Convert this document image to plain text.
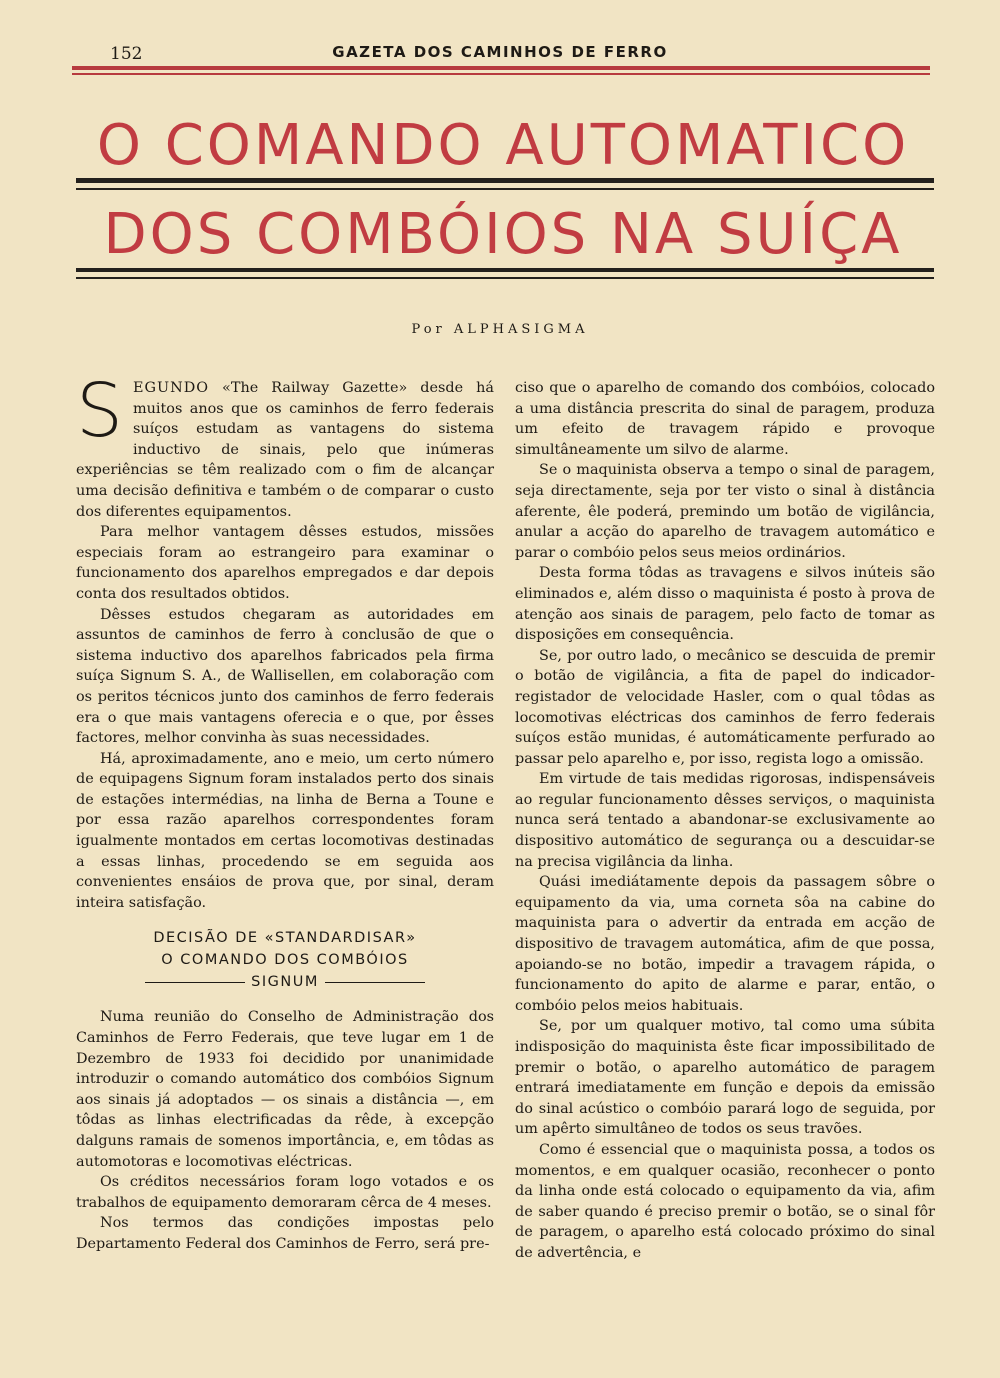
152	GAZETA DOS CAMINHOS DE FERRO
O COMANDO AUTOMATICO
DOS COMBÓIOS NA SUÍÇA
Por ALPHASIGMA

SEGUNDO «The Railway Gazette» desde há muitos anos que os caminhos de ferro federais suíços estudam as vantagens do sistema inductivo de sinais, pelo que inúmeras experiências se têm realizado com o fim de alcançar uma decisão definitiva e também o de comparar o custo dos diferentes equipamentos.

Para melhor vantagem dêsses estudos, missões especiais foram ao estrangeiro para examinar o funcionamento dos aparelhos empregados e dar depois conta dos resultados obtidos.

Dêsses estudos chegaram as autoridades em assuntos de caminhos de ferro à conclusão de que o sistema inductivo dos aparelhos fabricados pela firma suíça Signum S. A., de Wallisellen, em colaboração com os peritos técnicos junto dos caminhos de ferro federais era o que mais vantagens oferecia e o que, por êsses factores, melhor convinha às suas necessidades.

Há, aproximadamente, ano e meio, um certo número de equipagens Signum foram instalados perto dos sinais de estações intermédias, na linha de Berna a Toune e por essa razão aparelhos correspondentes foram igualmente montados em certas locomotivas destinadas a essas linhas, procedendo se em seguida aos convenientes ensáios de prova que, por sinal, deram inteira satisfação.

DECISÃO DE «STANDARDISAR»
O COMANDO DOS COMBÓIOS
SIGNUM

Numa reunião do Conselho de Administração dos Caminhos de Ferro Federais, que teve lugar em 1 de Dezembro de 1933 foi decidido por unanimidade introduzir o comando automático dos combóios Signum aos sinais já adoptados — os sinais a distância —, em tôdas as linhas electrificadas da rêde, à excepção dalguns ramais de somenos importância, e, em tôdas as automotoras e locomotivas eléctricas.

Os créditos necessários foram logo votados e os trabalhos de equipamento demoraram cêrca de 4 meses.

Nos termos das condições impostas pelo Departamento Federal dos Caminhos de Ferro, será pre-

ciso que o aparelho de comando dos combóios, colocado a uma distância prescrita do sinal de paragem, produza um efeito de travagem rápido e provoque simultâneamente um silvo de alarme.

Se o maquinista observa a tempo o sinal de paragem, seja directamente, seja por ter visto o sinal à distância aferente, êle poderá, premindo um botão de vigilância, anular a acção do aparelho de travagem automático e parar o combóio pelos seus meios ordinários.

Desta forma tôdas as travagens e silvos inúteis são eliminados e, além disso o maquinista é posto à prova de atenção aos sinais de paragem, pelo facto de tomar as disposições em consequência.

Se, por outro lado, o mecânico se descuida de premir o botão de vigilância, a fita de papel do indicador-registador de velocidade Hasler, com o qual tôdas as locomotivas eléctricas dos caminhos de ferro federais suíços estão munidas, é automáticamente perfurado ao passar pelo aparelho e, por isso, regista logo a omissão.

Em virtude de tais medidas rigorosas, indispensáveis ao regular funcionamento dêsses serviços, o maquinista nunca será tentado a abandonar-se exclusivamente ao dispositivo automático de segurança ou a descuidar-se na precisa vigilância da linha.

Quási imediátamente depois da passagem sôbre o equipamento da via, uma corneta sôa na cabine do maquinista para o advertir da entrada em acção de dispositivo de travagem automática, afim de que possa, apoiando-se no botão, impedir a travagem rápida, o funcionamento do apito de alarme e parar, então, o combóio pelos meios habituais.

Se, por um qualquer motivo, tal como uma súbita indisposição do maquinista êste ficar impossibilitado de premir o botão, o aparelho automático de paragem entrará imediatamente em função e depois da emissão do sinal acústico o combóio parará logo de seguida, por um apêrto simultâneo de todos os seus travões.

Como é essencial que o maquinista possa, a todos os momentos, e em qualquer ocasião, reconhecer o ponto da linha onde está colocado o equipamento da via, afim de saber quando é preciso premir o botão, se o sinal fôr de paragem, o aparelho está colocado próximo do sinal de advertência, e
